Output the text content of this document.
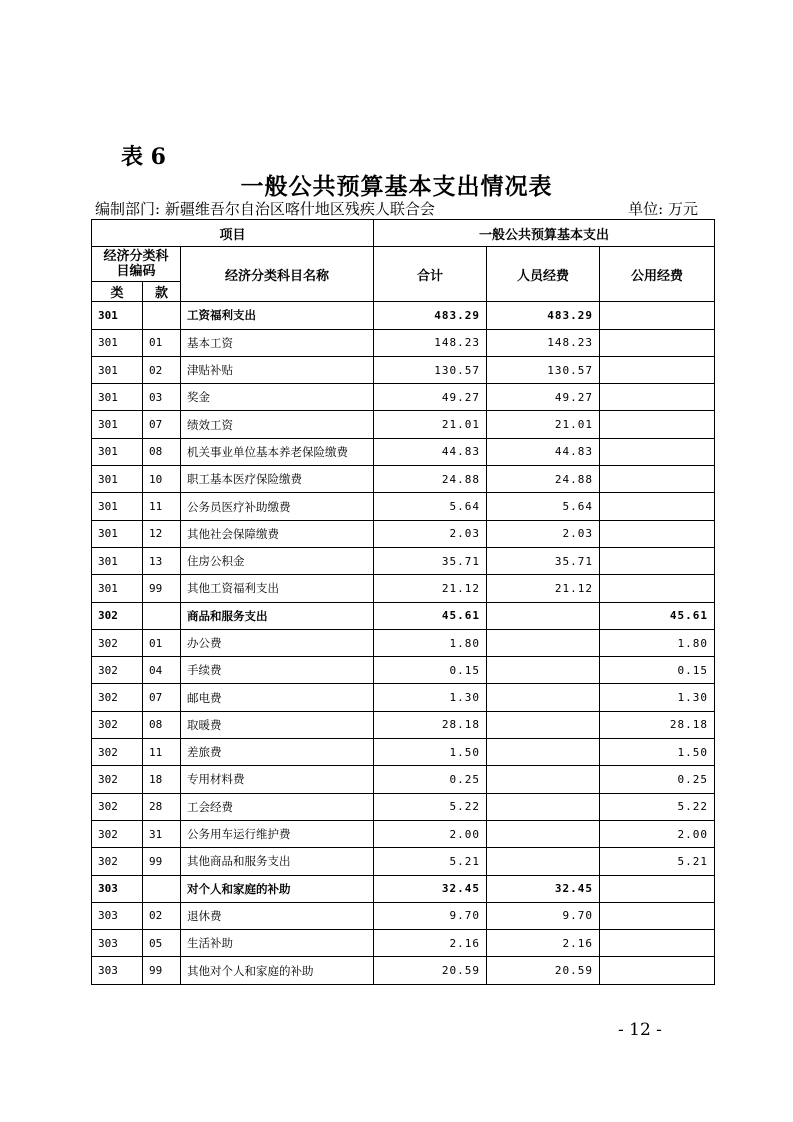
表 6
一般公共预算基本支出情况表
编制部门: 新疆维吾尔自治区喀什地区残疾人联合会	单位: 万元
项目			一般公共预算基本支出		
经济分类科目编码		经济分类科目名称	合计	人员经费	公用经费
类	款				
301		工资福利支出	483.29	483.29	
301	01	基本工资	148.23	148.23	
301	02	津贴补贴	130.57	130.57	
301	03	奖金	49.27	49.27	
301	07	绩效工资	21.01	21.01	
301	08	机关事业单位基本养老保险缴费	44.83	44.83	
301	10	职工基本医疗保险缴费	24.88	24.88	
301	11	公务员医疗补助缴费	5.64	5.64	
301	12	其他社会保障缴费	2.03	2.03	
301	13	住房公积金	35.71	35.71	
301	99	其他工资福利支出	21.12	21.12	
302		商品和服务支出	45.61		45.61
302	01	办公费	1.80		1.80
302	04	手续费	0.15		0.15
302	07	邮电费	1.30		1.30
302	08	取暖费	28.18		28.18
302	11	差旅费	1.50		1.50
302	18	专用材料费	0.25		0.25
302	28	工会经费	5.22		5.22
302	31	公务用车运行维护费	2.00		2.00
302	99	其他商品和服务支出	5.21		5.21
303		对个人和家庭的补助	32.45	32.45	
303	02	退休费	9.70	9.70	
303	05	生活补助	2.16	2.16	
303	99	其他对个人和家庭的补助	20.59	20.59	
- 12 -
